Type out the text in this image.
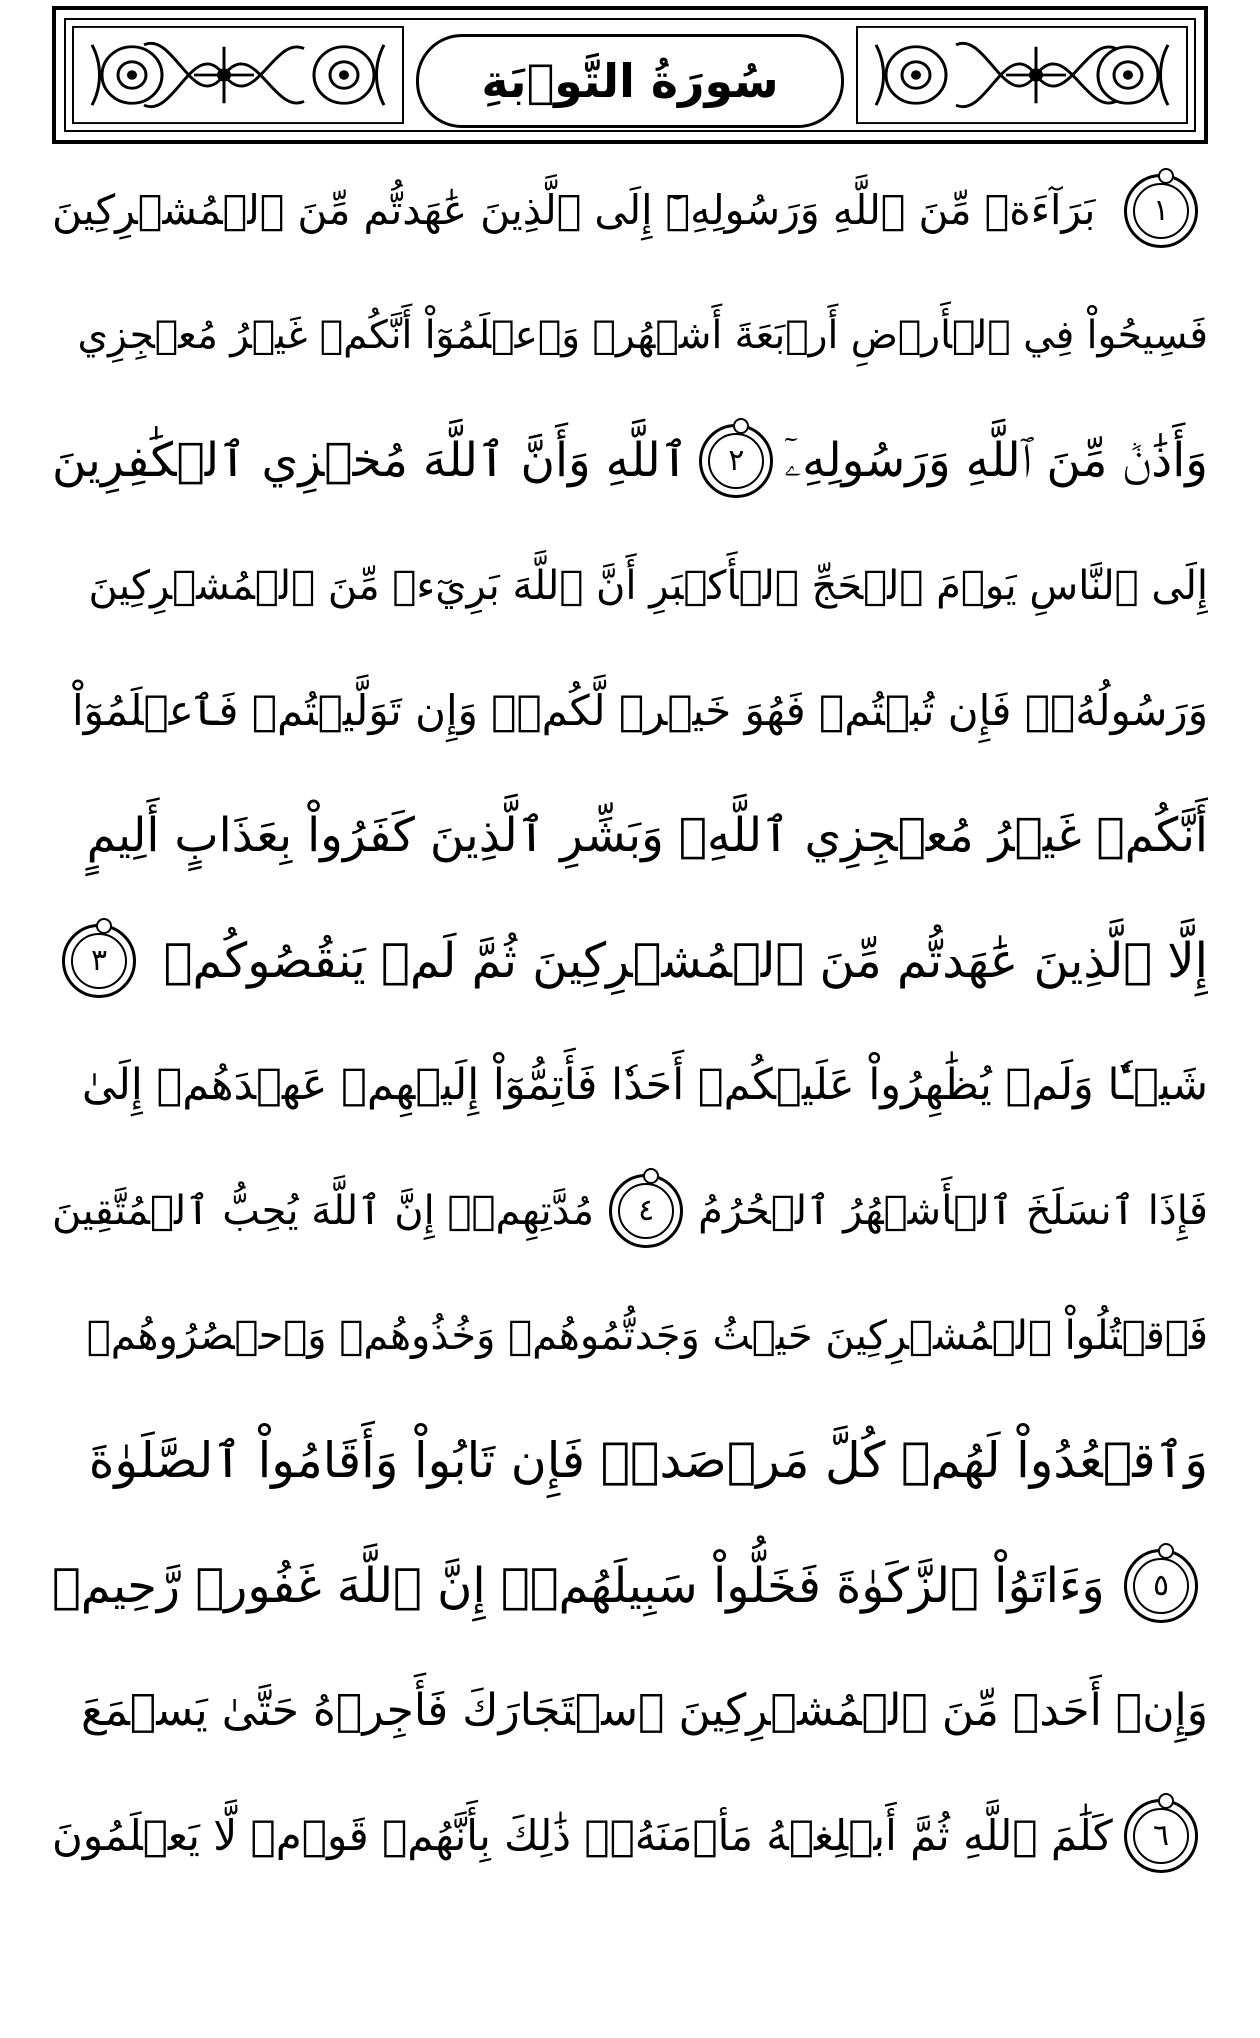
سُورَةُ التَّوۡبَةِ
١
بَرَآءَةٞ مِّنَ ٱللَّهِ وَرَسُولِهِۦٓ إِلَى ٱلَّذِينَ عَٰهَدتُّم مِّنَ ٱلۡمُشۡرِكِينَ
فَسِيحُواْ فِي ٱلۡأَرۡضِ أَرۡبَعَةَ أَشۡهُرٖ وَٱعۡلَمُوٓاْ أَنَّكُمۡ غَيۡرُ مُعۡجِزِي
وَأَذَٰنٞ مِّنَ ٱللَّهِ وَرَسُولِهِۦٓ
٢
ٱللَّهِ وَأَنَّ ٱللَّهَ مُخۡزِي ٱلۡكَٰفِرِينَ
إِلَى ٱلنَّاسِ يَوۡمَ ٱلۡحَجِّ ٱلۡأَكۡبَرِ أَنَّ ٱللَّهَ بَرِيٓءٞ مِّنَ ٱلۡمُشۡرِكِينَ
وَرَسُولُهُۥۚ فَإِن تُبۡتُمۡ فَهُوَ خَيۡرٞ لَّكُمۡۖ وَإِن تَوَلَّيۡتُمۡ فَٱعۡلَمُوٓاْ
أَنَّكُمۡ غَيۡرُ مُعۡجِزِي ٱللَّهِۗ وَبَشِّرِ ٱلَّذِينَ كَفَرُواْ بِعَذَابٍ أَلِيمٍ
إِلَّا ٱلَّذِينَ عَٰهَدتُّم مِّنَ ٱلۡمُشۡرِكِينَ ثُمَّ لَمۡ يَنقُصُوكُمۡ
٣
شَيۡـٔٗا وَلَمۡ يُظَٰهِرُواْ عَلَيۡكُمۡ أَحَدٗا فَأَتِمُّوٓاْ إِلَيۡهِمۡ عَهۡدَهُمۡ إِلَىٰ
فَإِذَا ٱنسَلَخَ ٱلۡأَشۡهُرُ ٱلۡحُرُمُ
٤
مُدَّتِهِمۡۚ إِنَّ ٱللَّهَ يُحِبُّ ٱلۡمُتَّقِينَ
فَٱقۡتُلُواْ ٱلۡمُشۡرِكِينَ حَيۡثُ وَجَدتُّمُوهُمۡ وَخُذُوهُمۡ وَٱحۡصُرُوهُمۡ
وَٱقۡعُدُواْ لَهُمۡ كُلَّ مَرۡصَدٖۚ فَإِن تَابُواْ وَأَقَامُواْ ٱلصَّلَوٰةَ
٥
وَءَاتَوُاْ ٱلزَّكَوٰةَ فَخَلُّواْ سَبِيلَهُمۡۚ إِنَّ ٱللَّهَ غَفُورٞ رَّحِيمٞ
وَإِنۡ أَحَدٞ مِّنَ ٱلۡمُشۡرِكِينَ ٱسۡتَجَارَكَ فَأَجِرۡهُ حَتَّىٰ يَسۡمَعَ
٦
كَلَٰمَ ٱللَّهِ ثُمَّ أَبۡلِغۡهُ مَأۡمَنَهُۥۚ ذَٰلِكَ بِأَنَّهُمۡ قَوۡمٞ لَّا يَعۡلَمُونَ
